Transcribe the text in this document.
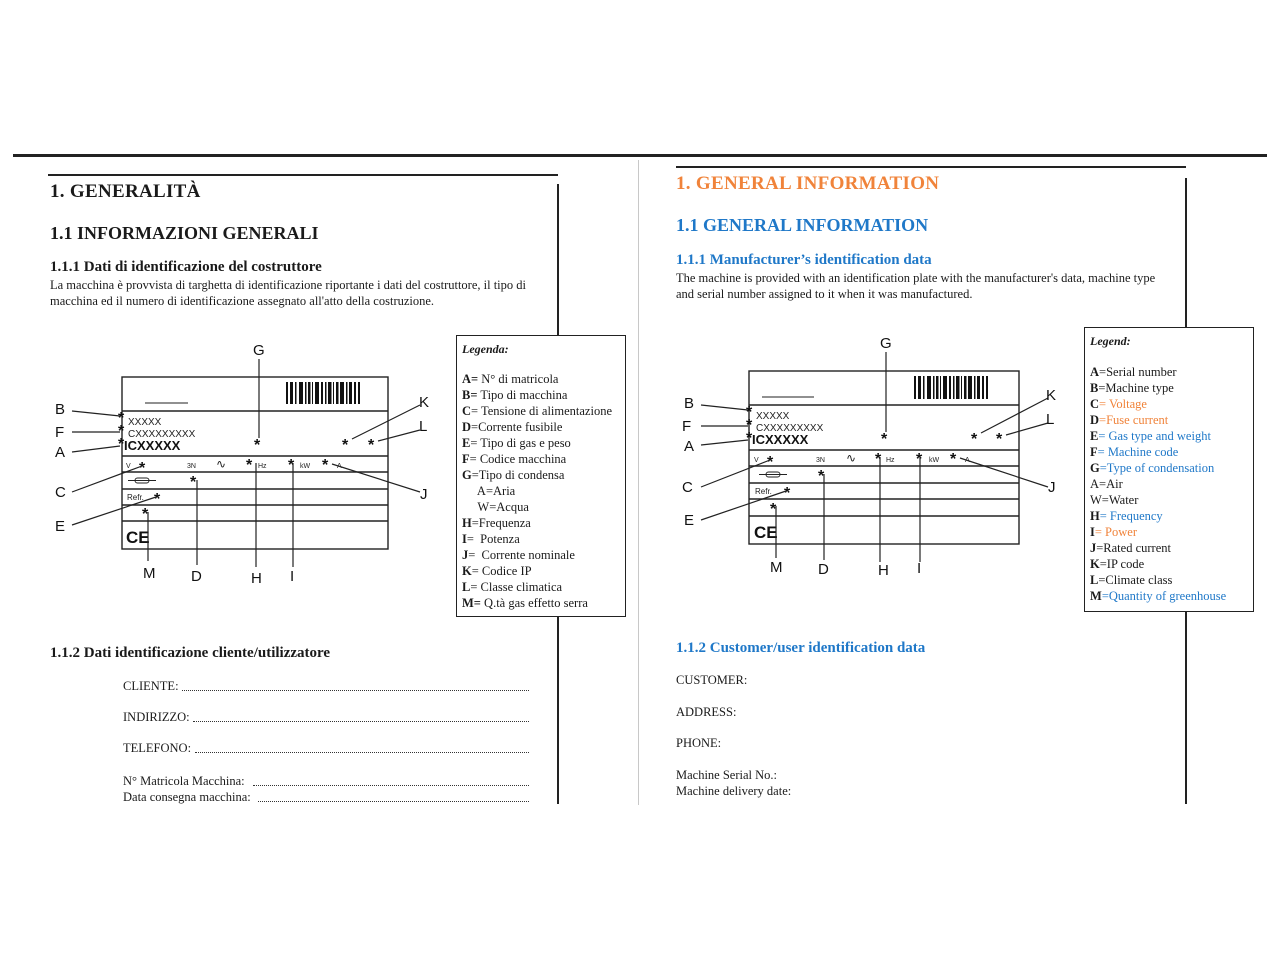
1. GENERALITÀ
1.1 INFORMAZIONI GENERALI
1.1.1 Dati di identificazione del costruttore
La macchina è provvista di targhetta di identificazione riportante i dati del costruttore, il tipo di macchina ed il numero di identificazione assegnato all'atto della costruzione.
XXXXX
CXXXXXXXXX
ICXXXXX
V	3N ∿	Hz	kW	A
Refr.
CE
*	* *
*
*
* * *
*
*
*
*
*
B
F
A
C
E
G
K
L
J
M D	H I
Legenda:
A= N° di matricola
B= Tipo di macchina
C= Tensione di alimentazione
D=Corrente fusibile
E= Tipo di gas e peso
F= Codice macchina
G=Tipo di condensa
A=Aria
W=Acqua
H=Frequenza
I=  Potenza
J=  Corrente nominale
K= Codice IP
L= Classe climatica
M= Q.tà gas effetto serra
1.1.2 Dati identificazione cliente/utilizzatore
CLIENTE:
INDIRIZZO:
TELEFONO:
N° Matricola Macchina:
Data consegna macchina:
1. GENERAL INFORMATION
1.1 GENERAL INFORMATION
1.1.1 Manufacturer’s identification data
The machine is provided with an identification plate with the manufacturer's data, machine type and serial number assigned to it when it was manufactured.
XXXXX
CXXXXXXXXX
ICXXXXX
V	3N ∿	Hz	kW	A
Refr.
CE
*	* *
*
*
* * *
*
*
*
*
*
B
F
A
C
E
G
K
L
J
M D	H I
Legend:
A=Serial number
B=Machine type
C= Voltage
D=Fuse current
E= Gas type and weight
F= Machine code
G=Type of condensation
A=Air
W=Water
H= Frequency
I= Power
J=Rated current
K=IP code
L=Climate class
M=Quantity of greenhouse
1.1.2 Customer/user identification data
CUSTOMER:
ADDRESS:
PHONE:
Machine Serial No.:
Machine delivery date:
